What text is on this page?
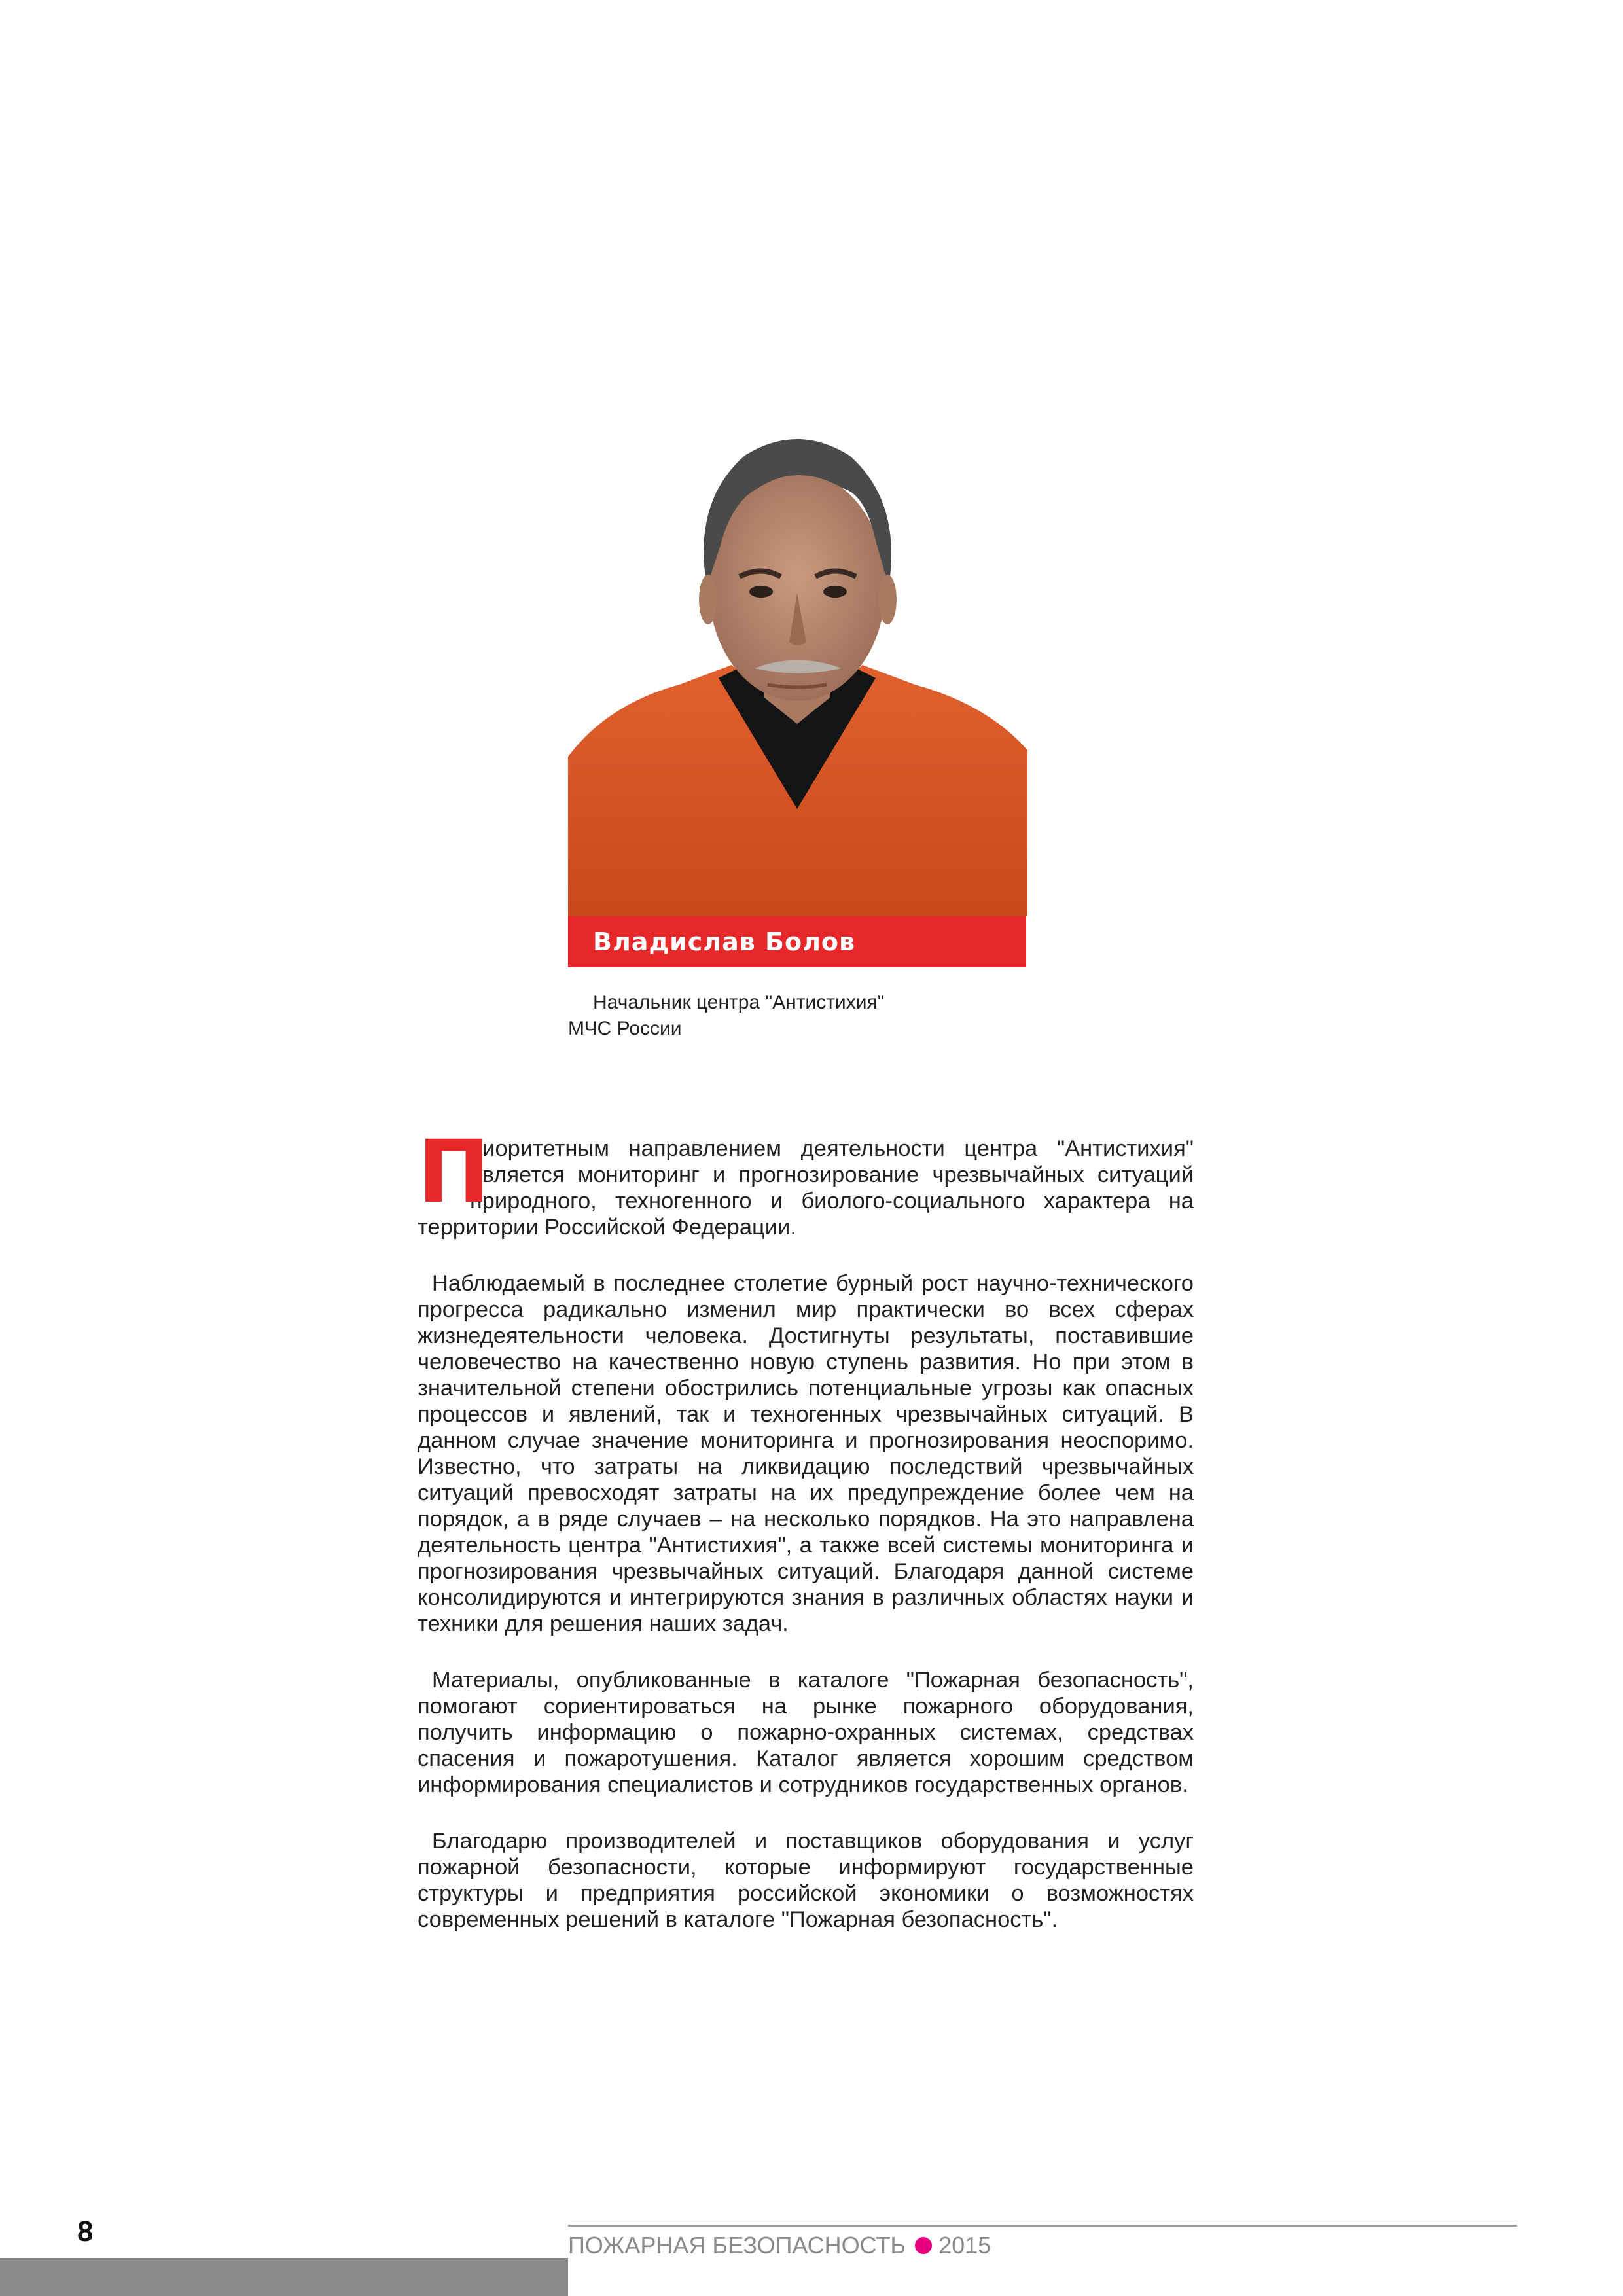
Владислав Болов
Начальник центра "Антистихия"
МЧС России

П
риоритетным направлением деятельности центра "Антистихия" является мониторинг и прогнозирование чрезвычайных ситуаций природного, техногенного и биолого-социального характера на территории Российской Федерации.

Наблюдаемый в последнее столетие бурный рост научно-технического прогресса радикально изменил мир практически во всех сферах жизнедеятельности человека. Достигнуты результаты, поставившие человечество на качественно новую ступень развития. Но при этом в значительной степени обострились потенциальные угрозы как опасных процессов и явлений, так и техногенных чрезвычайных ситуаций. В данном случае значение мониторинга и прогнозирования неоспоримо. Известно, что затраты на ликвидацию последствий чрезвычайных ситуаций превосходят затраты на их предупреждение более чем на порядок, а в ряде случаев – на несколько порядков. На это направлена деятельность центра "Антистихия", а также всей системы мониторинга и прогнозирования чрезвычайных ситуаций. Благодаря данной системе консолидируются и интегрируются знания в различных областях науки и техники для решения наших задач.

Материалы, опубликованные в каталоге "Пожарная безопасность", помогают сориентироваться на рынке пожарного оборудования, получить информацию о пожарно-охранных системах, средствах спасения и пожаротушения. Каталог является хорошим средством информирования специалистов и сотрудников государственных органов.

Благодарю производителей и поставщиков оборудования и услуг пожарной безопасности, которые информируют государственные структуры и предприятия российской экономики о возможностях современных решений в каталоге "Пожарная безопасность".

8	ПОЖАРНАЯ БЕЗОПАСНОСТЬ 2015
